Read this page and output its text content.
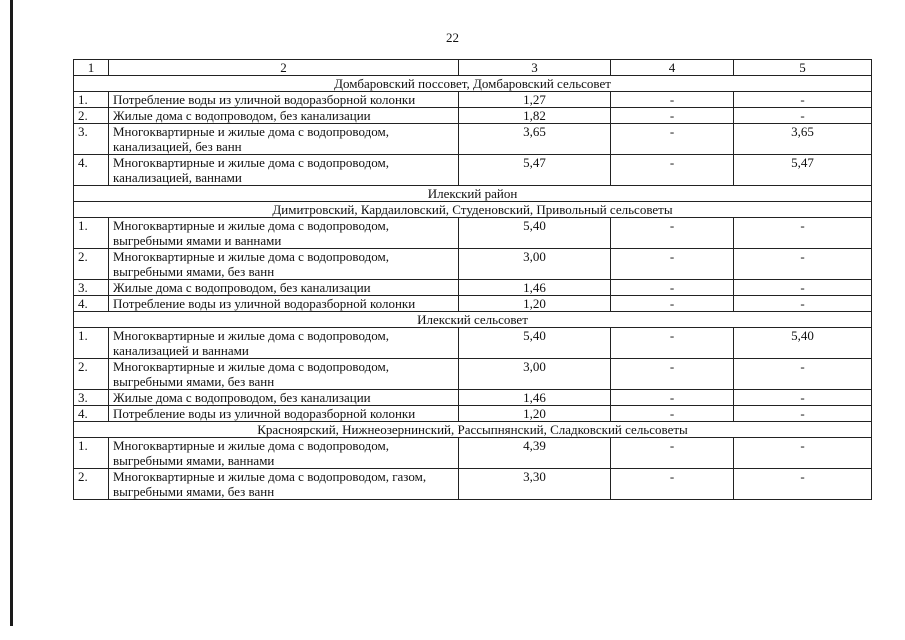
22
1	2	3	4	5
Домбаровский поссовет, Домбаровский сельсовет				
1.	Потребление воды из уличной водоразборной колонки	1,27	-	-
2.	Жилые дома с водопроводом, без канализации	1,82	-	-
3.	Многоквартирные и жилые дома с водопроводом, канализацией, без ванн	3,65	-	3,65
4.	Многоквартирные и жилые дома с водопроводом, канализацией, ваннами	5,47	-	5,47
Илекский район				
Димитровский, Кардаиловский, Студеновский, Привольный сельсоветы				
1.	Многоквартирные и жилые дома с водопроводом, выгребными ямами и ваннами	5,40	-	-
2.	Многоквартирные и жилые дома с водопроводом, выгребными ямами, без ванн	3,00	-	-
3.	Жилые дома с водопроводом, без канализации	1,46	-	-
4.	Потребление воды из уличной водоразборной колонки	1,20	-	-
Илекский сельсовет				
1.	Многоквартирные и жилые дома с водопроводом, канализацией и ваннами	5,40	-	5,40
2.	Многоквартирные и жилые дома с водопроводом, выгребными ямами, без ванн	3,00	-	-
3.	Жилые дома с водопроводом, без канализации	1,46	-	-
4.	Потребление воды из уличной водоразборной колонки	1,20	-	-
Красноярский, Нижнеозернинский, Рассыпнянский, Сладковский сельсоветы				
1.	Многоквартирные и жилые дома с водопроводом, выгребными ямами, ваннами	4,39	-	-
2.	Многоквартирные и жилые дома с водопроводом, газом, выгребными ямами, без ванн	3,30	-	-
